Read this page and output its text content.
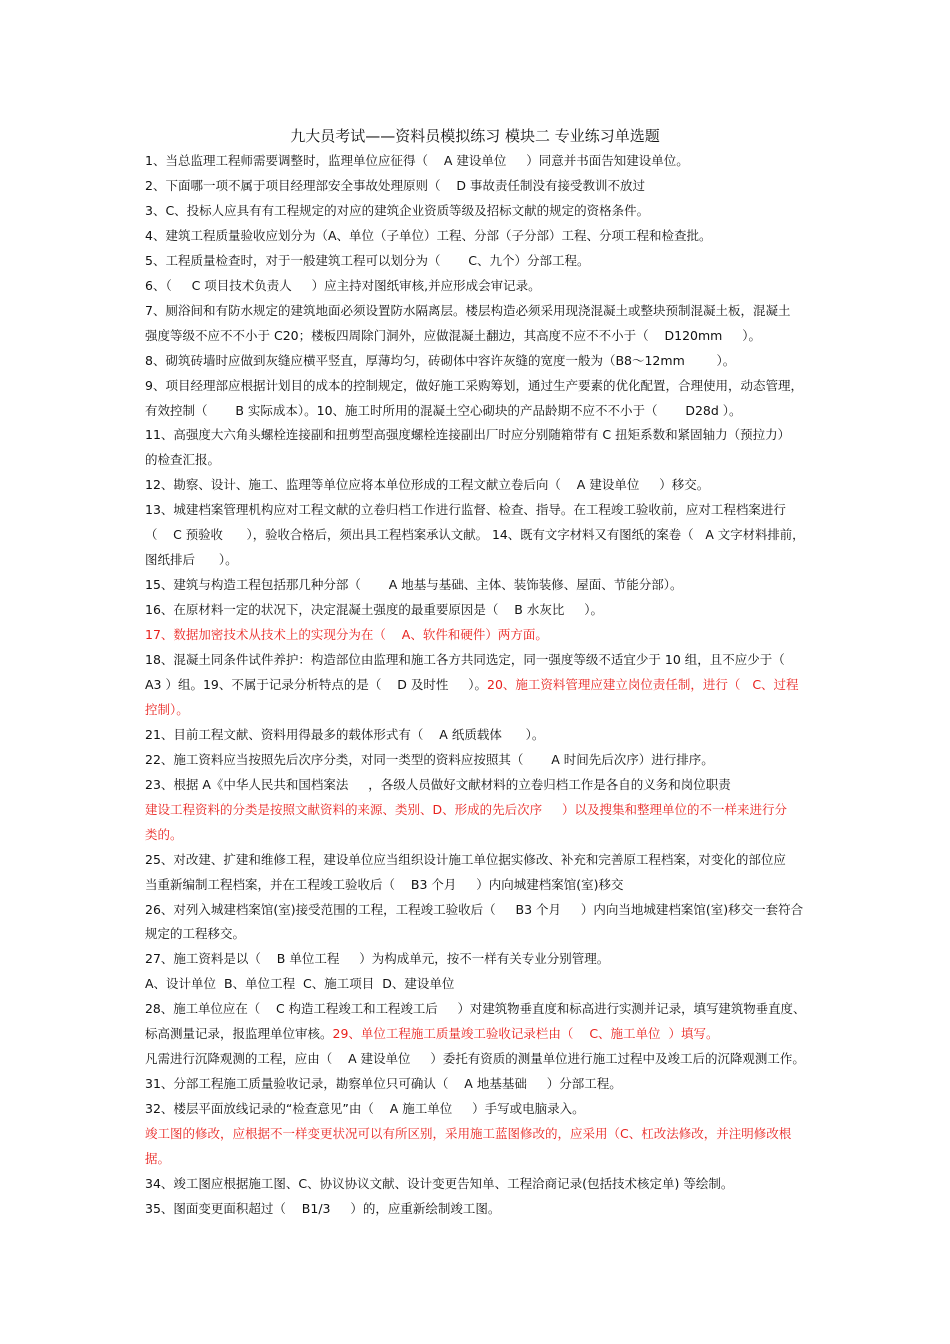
九大员考试——资料员模拟练习 模块二 专业练习单选题
1、当总监理工程师需要调整时，监理单位应征得（    A 建设单位     ）同意并书面告知建设单位。
2、下面哪一项不属于项目经理部安全事故处理原则（    D 事故责任制没有接受教训不放过
3、C、投标人应具有有工程规定的对应的建筑企业资质等级及招标文献的规定的资格条件。
4、建筑工程质量验收应划分为（A、单位（子单位）工程、分部（子分部）工程、分项工程和检查批。
5、工程质量检查时，对于一般建筑工程可以划分为（       C、九个）分部工程。
6、（     C 项目技术负责人     ）应主持对图纸审核,并应形成会审记录。
7、厕浴间和有防水规定的建筑地面必须设置防水隔离层。楼层构造必须采用现浇混凝土或整块预制混凝土板，混凝土
强度等级不应不不小于 C20；楼板四周除门洞外，应做混凝土翻边，其高度不应不不小于（    D120mm     ）。
8、砌筑砖墙时应做到灰缝应横平竖直，厚薄均匀，砖砌体中容许灰缝的宽度一般为（B8～12mm        ）。
9、项目经理部应根据计划目的成本的控制规定，做好施工采购筹划，通过生产要素的优化配置，合理使用，动态管理，
有效控制（       B 实际成本）。10、施工时所用的混凝土空心砌块的产品龄期不应不不小于（       D28d ）。
11、高强度大六角头螺栓连接副和扭剪型高强度螺栓连接副出厂时应分别随箱带有 C 扭矩系数和紧固轴力（预拉力）
的检查汇报。
12、勘察、设计、施工、监理等单位应将本单位形成的工程文献立卷后向（    A 建设单位     ）移交。
13、城建档案管理机构应对工程文献的立卷归档工作进行监督、检查、指导。在工程竣工验收前，应对工程档案进行
（    C 预验收      ），验收合格后，须出具工程档案承认文献。 14、既有文字材料又有图纸的案卷（   A 文字材料排前，
图纸排后      ）。
15、建筑与构造工程包括那几种分部（       A 地基与基础、主体、装饰装修、屋面、节能分部）。
16、在原材料一定的状况下，决定混凝土强度的最重要原因是（    B 水灰比     ）。
17、数据加密技术从技术上的实现分为在（    A、软件和硬件）两方面。
18、混凝土同条件试件养护：构造部位由监理和施工各方共同选定，同一强度等级不适宜少于 10 组，且不应少于（
A3 ）组。19、不属于记录分析特点的是（    D 及时性     ）。20、施工资料管理应建立岗位责任制，进行（   C、过程
控制）。
21、目前工程文献、资料用得最多的载体形式有（    A 纸质载体      ）。
22、施工资料应当按照先后次序分类，对同一类型的资料应按照其（       A 时间先后次序）进行排序。
23、根据 A《中华人民共和国档案法     ，各级人员做好文献材料的立卷归档工作是各自的义务和岗位职责
建设工程资料的分类是按照文献资料的来源、类别、D、形成的先后次序     ）以及搜集和整理单位的不一样来进行分
类的。
25、对改建、扩建和维修工程，建设单位应当组织设计施工单位据实修改、补充和完善原工程档案，对变化的部位应
当重新编制工程档案，并在工程竣工验收后（    B3 个月     ）内向城建档案馆(室)移交
26、对列入城建档案馆(室)接受范围的工程，工程竣工验收后（     B3 个月     ）内向当地城建档案馆(室)移交一套符合
规定的工程移交。
27、施工资料是以（    B 单位工程     ）为构成单元，按不一样有关专业分别管理。
A、设计单位  B、单位工程  C、施工项目  D、建设单位
28、施工单位应在（    C 构造工程竣工和工程竣工后     ）对建筑物垂直度和标高进行实测并记录，填写建筑物垂直度、
标高测量记录，报监理单位审核。29、单位工程施工质量竣工验收记录栏由（    C、施工单位  ）填写。
凡需进行沉降观测的工程，应由（    A 建设单位     ）委托有资质的测量单位进行施工过程中及竣工后的沉降观测工作。
31、分部工程施工质量验收记录，勘察单位只可确认（    A 地基基础     ）分部工程。
32、楼层平面放线记录的“检查意见”由（    A 施工单位     ）手写或电脑录入。
竣工图的修改，应根据不一样变更状况可以有所区别，采用施工蓝图修改的，应采用（C、杠改法修改，并注明修改根
据。
34、竣工图应根据施工图、C、协议协议文献、设计变更告知单、工程洽商记录(包括技术核定单) 等绘制。
35、图面变更面积超过（    B1/3     ）的，应重新绘制竣工图。
